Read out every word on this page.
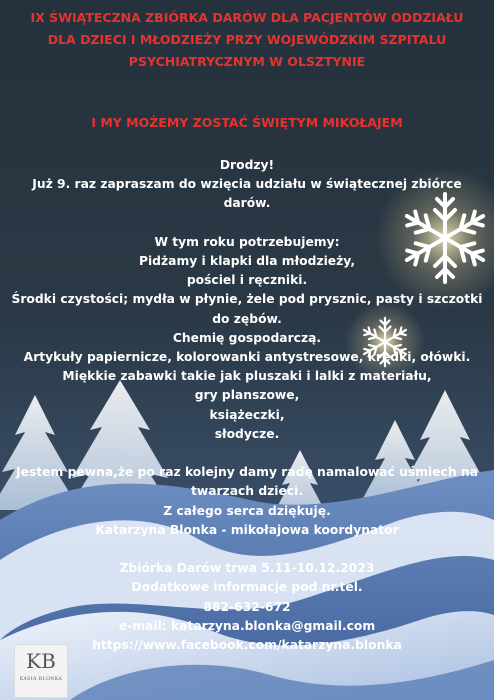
IX ŚWIĄTECZNA ZBIÓRKA DARÓW DLA PACJENTÓW ODDZIAŁU
DLA DZIECI I MŁODZIEŻY PRZY WOJEWÓDZKIM SZPITALU
PSYCHIATRYCZNYM W OLSZTYNIE
I MY MOŻEMY ZOSTAĆ ŚWIĘTYM MIKOŁAJEM
Drodzy!
Już 9. raz zapraszam do wzięcia udziału w świątecznej zbiórce
darów.
W tym roku potrzebujemy:
Pidżamy i klapki dla młodzieży,
pościel i ręczniki.
Środki czystości; mydła w płynie, żele pod prysznic, pasty i szczotki
do zębów.
Chemię gospodarczą.
Artykuły papiernicze, kolorowanki antystresowe, kredki, ołówki.
Miękkie zabawki takie jak pluszaki i lalki z materiału,
gry planszowe,
książeczki,
słodycze.
Jestem pewna,że po raz kolejny damy radę namalować uśmiech na
twarzach dzieci.
Z całego serca dziękuję.
Katarzyna Blonka - mikołajowa koordynator
Zbiórka Darów trwa 5.11-10.12.2023
Dodatkowe informacje pod nr.tel.
882-632-672
e-mail: katarzyna.blonka@gmail.com
https://www.facebook.com/katarzyna.blonka
KB
KASIA BLONKA
